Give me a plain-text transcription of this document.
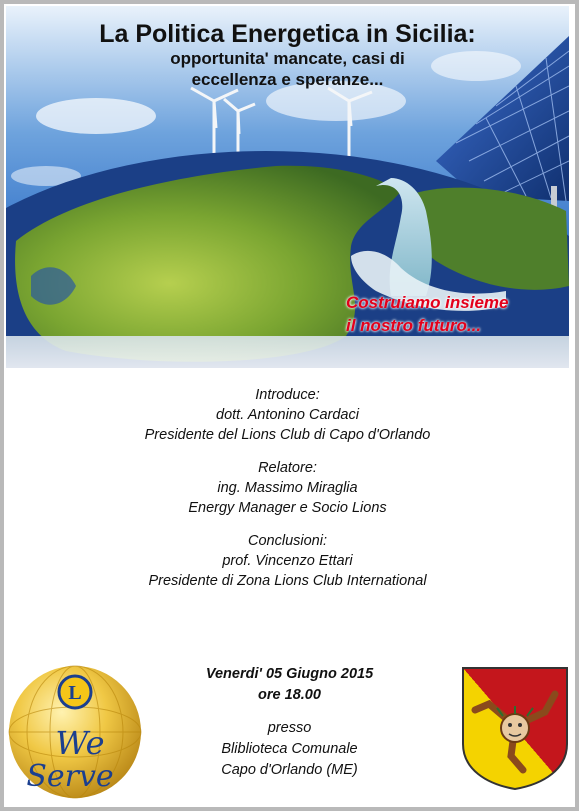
La Politica Energetica in Sicilia:
opportunita' mancate, casi di
eccellenza e speranze...
Costruiamo insieme
il nostro futuro...
Introduce:
dott. Antonino Cardaci
Presidente del Lions Club di Capo d'Orlando
Relatore:
ing. Massimo Miraglia
Energy Manager e Socio Lions
Conclusioni:
prof. Vincenzo Ettari
Presidente di Zona Lions Club International
Venerdi' 05 Giugno 2015
ore 18.00
presso
Bliblioteca Comunale
Capo d'Orlando (ME)
L
We
Serve
